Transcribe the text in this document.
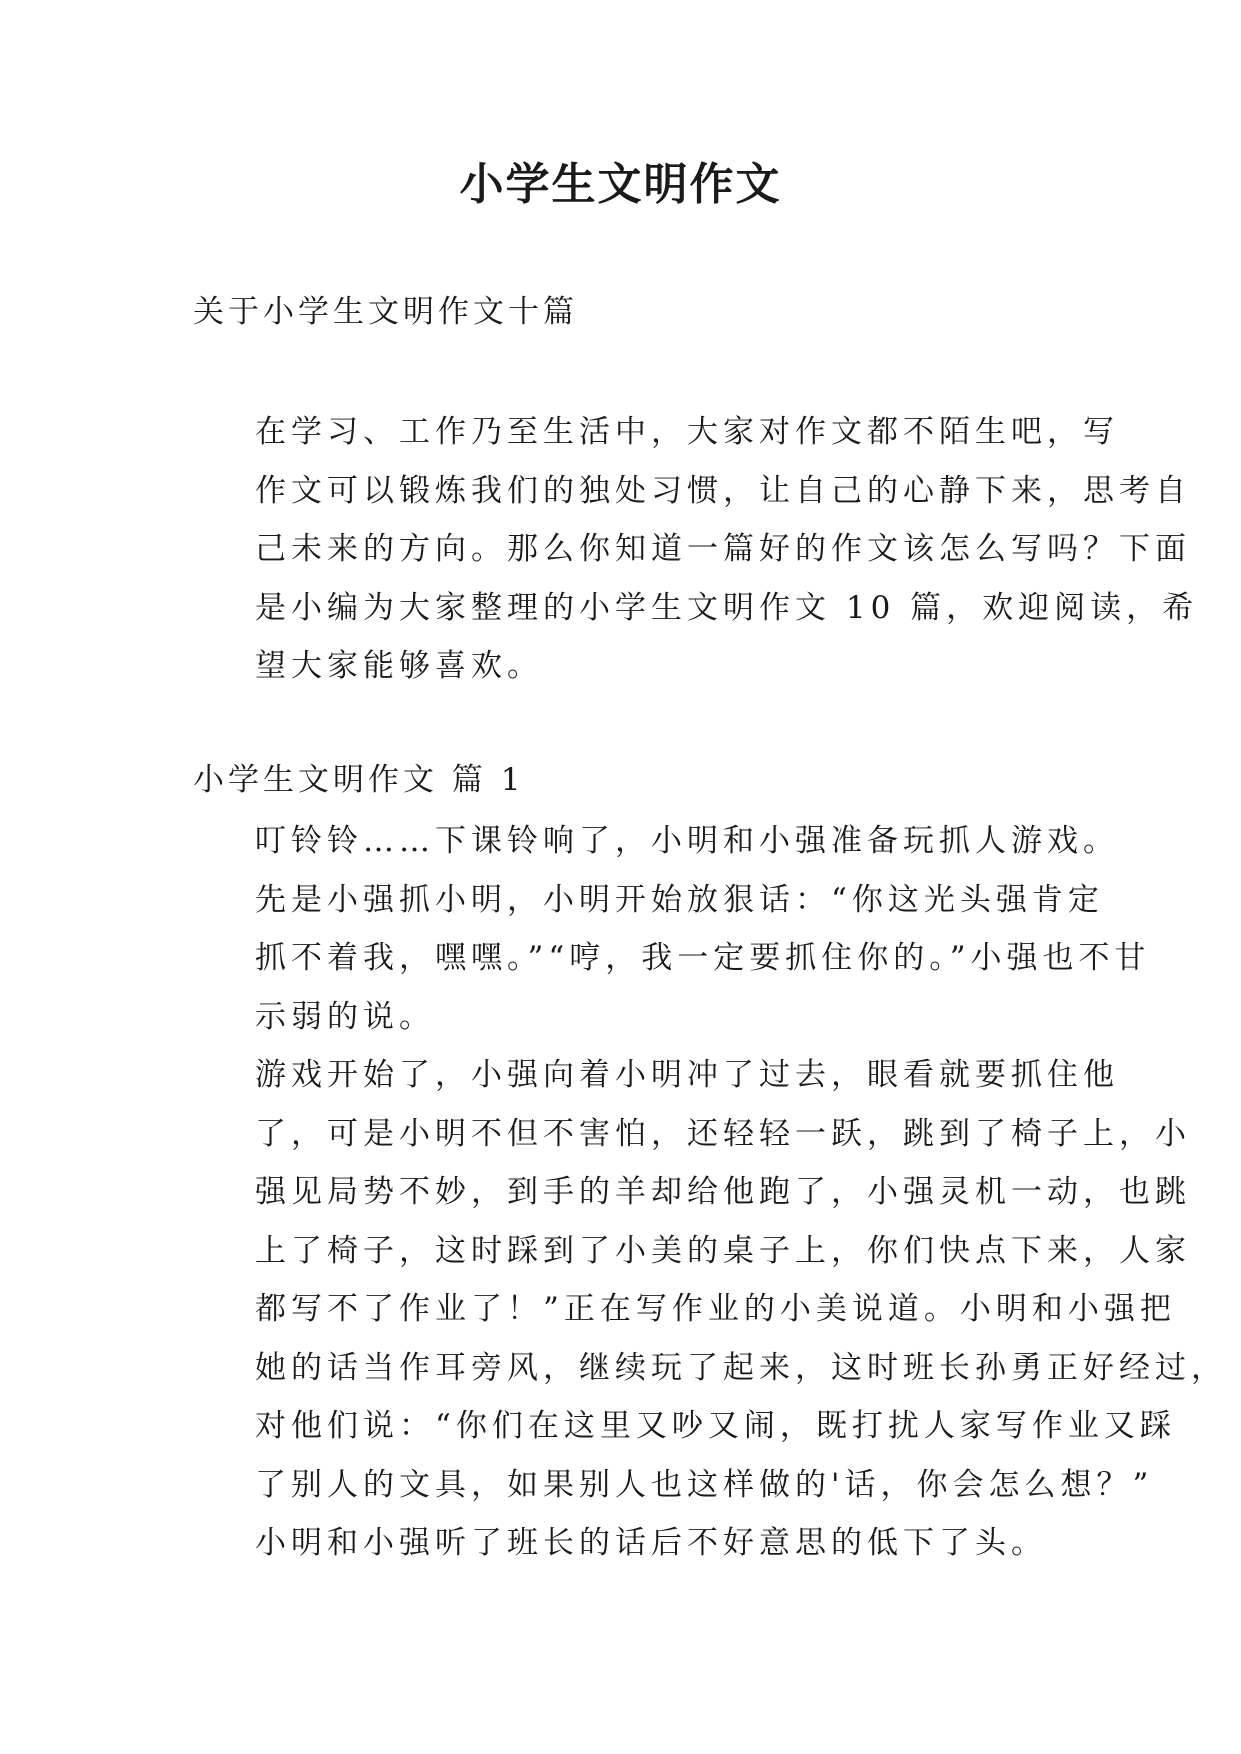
小学生文明作文

关于小学生文明作文十篇

在学习、工作乃至生活中，大家对作文都不陌生吧，写
作文可以锻炼我们的独处习惯，让自己的心静下来，思考自
己未来的方向。那么你知道一篇好的作文该怎么写吗？下面
是小编为大家整理的小学生文明作文 10 篇，欢迎阅读，希
望大家能够喜欢。

小学生文明作文 篇 1

叮铃铃……下课铃响了，小明和小强准备玩抓人游戏。

先是小强抓小明，小明开始放狠话：“你这光头强肯定
抓不着我，嘿嘿。”“哼，我一定要抓住你的。”小强也不甘
示弱的说。

游戏开始了，小强向着小明冲了过去，眼看就要抓住他
了，可是小明不但不害怕，还轻轻一跃，跳到了椅子上，小
强见局势不妙，到手的羊却给他跑了，小强灵机一动，也跳
上了椅子，这时踩到了小美的桌子上，你们快点下来，人家
都写不了作业了！”正在写作业的小美说道。小明和小强把
她的话当作耳旁风，继续玩了起来，这时班长孙勇正好经过，
对他们说：“你们在这里又吵又闹，既打扰人家写作业又踩
了别人的文具，如果别人也这样做的'话，你会怎么想？”

小明和小强听了班长的话后不好意思的低下了头。
